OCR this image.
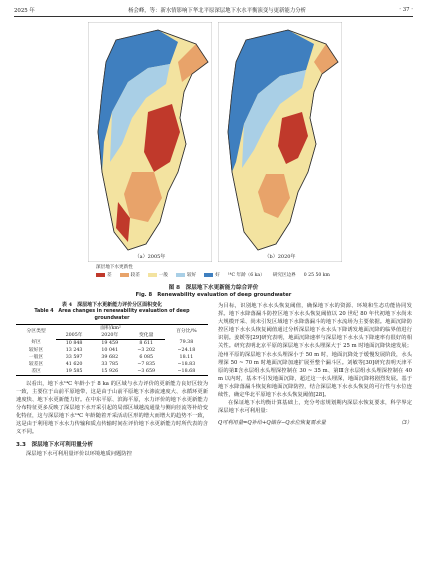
2025 年	杨会峰，等：新水情影响下华北平原深层地下水水平衡演变与更新能力分析	· 37 ·
（a）2005年	（b）2020年
深层地下水更新性
差	较差	一般	较好	好 ¹⁴C 年龄（6 ka） 研究区边界 0 25 50 km
图 8　深层地下水更新能力综合评价
Fig. 8　Renewability evaluation of deep groundwater
表 4　深层地下水更新能力评价分区面积变化
Table 4　Area changes in renewability evaluation of deep
groundwater
分区类型	面积/km²			百分比/%
	2005年	2020年	变化量	
好区	10 848	19 459	8 611	79.38
较好区	13 243	10 041	−3 202	−24.18
一般区	33 597	39 682	6 085	18.11
较差区	41 620	33 785	−7 835	−18.83
差区	19 585	15 926	−3 659	−18.68
以看出，地下水¹⁴C 年龄小于 8 ka 的区域与水力评价的更新能力良好区较为一致，主要位于山前平原地带，这是由于山前平原地下水渗流速度大、水循环更新速度快、地下水更新能力好。在中东平原、滨海平原，水力评价的地下水更新能力分布特征更多反映了深层地下水开采引起的局部区域越流通量与侧向径流等补给变化特征，这与深层地下水¹⁴C 年龄随着开采活动区形的增大而增大的趋势不一致，这是由于利用地下水水力传输和质点传输时间在评价地下水更新能力时所代表的含义不同。
3.3　深层地下水可利用量分析
深层地下水可利用量评价以环境地质问题防控
为目标，识别地下水水头恢复阈值，确保地下水的资源、环境和生态功能协同发挥。地下水降落漏斗防控区地下水水头恢复阈值以 20 世纪 80 年代初地下水尚未大规模开采、尚未引发区域地下水降落漏斗的地下水流场为主要依据。地面沉降防控区地下水水头恢复阈值通过分析深层地下水水头下降诱发地面沉降的临界值进行识别。姜媛等[29]研究表明，地面沉降速率与深层地下水水头下降速率有很好的相关性。研究表明北京平原的深层地下水水头埋深大于 25 m 时地面沉降快速发展；沧州平原的深层地下水水头埋深小于 50 m 时，地面沉降处于缓慢发展阶段，水头埋深 50 ~ 70 m 时地面沉降加速扩展至整个漏斗区。刘敏等[30]研究表明天津平原的第Ⅱ含水层组水头埋深控制在 30 ~ 35 m、第Ⅲ含水层组水头埋深控制在 40 m 以内时，基本不引发地面沉降，超过这一水头埋深，地面沉降将剧烈发展。基于地下水降落漏斗恢复和地面沉降防控，结合深层地下水水头恢复的可行性与水位连续性，确定华北平原地下水水头恢复阈值[28]。
在保证地下水均衡计算基础上，充分考虑规划期内深层水恢复要求，科学界定深层地下水可利用量：
Q可利用量=Q补给+Q储存−Q水位恢复需水量	（3）
